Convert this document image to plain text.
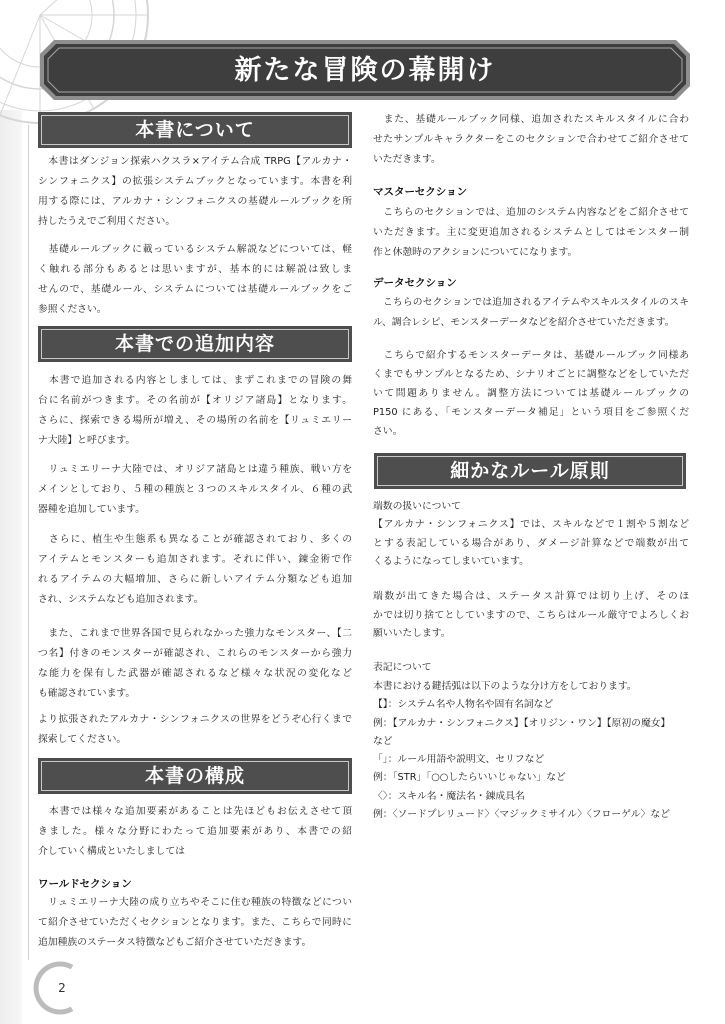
新たな冒険の幕開け
本書について
　本書はダンジョン探索ハクスラ×アイテム合成 TRPG【アルカナ・
シンフォニクス】の拡張システムブックとなっています。本書を利
用する際には、アルカナ・シンフォニクスの基礎ルールブックを所
持したうえでご利用ください。
　基礎ルールブックに載っているシステム解説などについては、軽
く触れる部分もあるとは思いますが、基本的には解説は致しま
せんので、基礎ルール、システムについては基礎ルールブックをご
参照ください。
本書での追加内容
　本書で追加される内容としましては、まずこれまでの冒険の舞
台に名前がつきます。その名前が【オリジア諸島】となります。
さらに、探索できる場所が増え、その場所の名前を【リュミエリー
ナ大陸】と呼びます。
　リュミエリーナ大陸では、オリジア諸島とは違う種族、戦い方を
メインとしており、５種の種族と３つのスキルスタイル、６種の武
器種を追加しています。
　さらに、植生や生態系も異なることが確認されており、多くの
アイテムとモンスターも追加されます。それに伴い、錬金術で作
れるアイテムの大幅増加、さらに新しいアイテム分類なども追加
され、システムなども追加されます。
　また、これまで世界各国で見られなかった強力なモンスター、【二
つ名】付きのモンスターが確認され、これらのモンスターから強力
な能力を保有した武器が確認されるなど様々な状況の変化など
も確認されています。
より拡張されたアルカナ・シンフォニクスの世界をどうぞ心行くまで
探索してください。
本書の構成
　本書では様々な追加要素があることは先ほどもお伝えさせて頂
きました。様々な分野にわたって追加要素があり、本書での紹
介していく構成といたしましては
ワールドセクション
　リュミエリーナ大陸の成り立ちやそこに住む種族の特徴などについ
て紹介させていただくセクションとなります。また、こちらで同時に
追加種族のステータス特徴などもご紹介させていただきます。
　また、基礎ルールブック同様、追加されたスキルスタイルに合わ
せたサンプルキャラクターをこのセクションで合わせてご紹介させて
いただきます。
マスターセクション
　こちらのセクションでは、追加のシステム内容などをご紹介させて
いただきます。主に変更追加されるシステムとしてはモンスター制
作と休憩時のアクションについてになります。
データセクション
　こちらのセクションでは追加されるアイテムやスキルスタイルのスキ
ル、調合レシピ、モンスターデータなどを紹介させていただきます。
　こちらで紹介するモンスターデータは、基礎ルールブック同様あ
くまでもサンプルとなるため、シナリオごとに調整などをしていただ
いて問題ありません。調整方法については基礎ルールブックの
P150 にある、「モンスターデータ補足」という項目をご参照くだ
さい。
細かなルール原則
端数の扱いについて
【アルカナ・シンフォニクス】では、スキルなどで１割や５割など
とする表記している場合があり、ダメージ計算などで端数が出て
くるようになってしまいています。
端数が出てきた場合は、ステータス計算では切り上げ、そのほ
かでは切り捨てとしていますので、こちらはルール厳守でよろしくお
願いいたします。
表記について
本書における鍵括弧は以下のような分け方をしております。
【】：システム名や人物名や固有名詞など
例：【アルカナ・シンフォニクス】【オリジン・ワン】【原初の魔女】
など
「」：ルール用語や説明文、セリフなど
例：「STR」「○○したらいいじゃない」など
〈〉：スキル名・魔法名・錬成具名
例：〈ソードプレリュード〉〈マジックミサイル〉〈フローゲル〉など
2
